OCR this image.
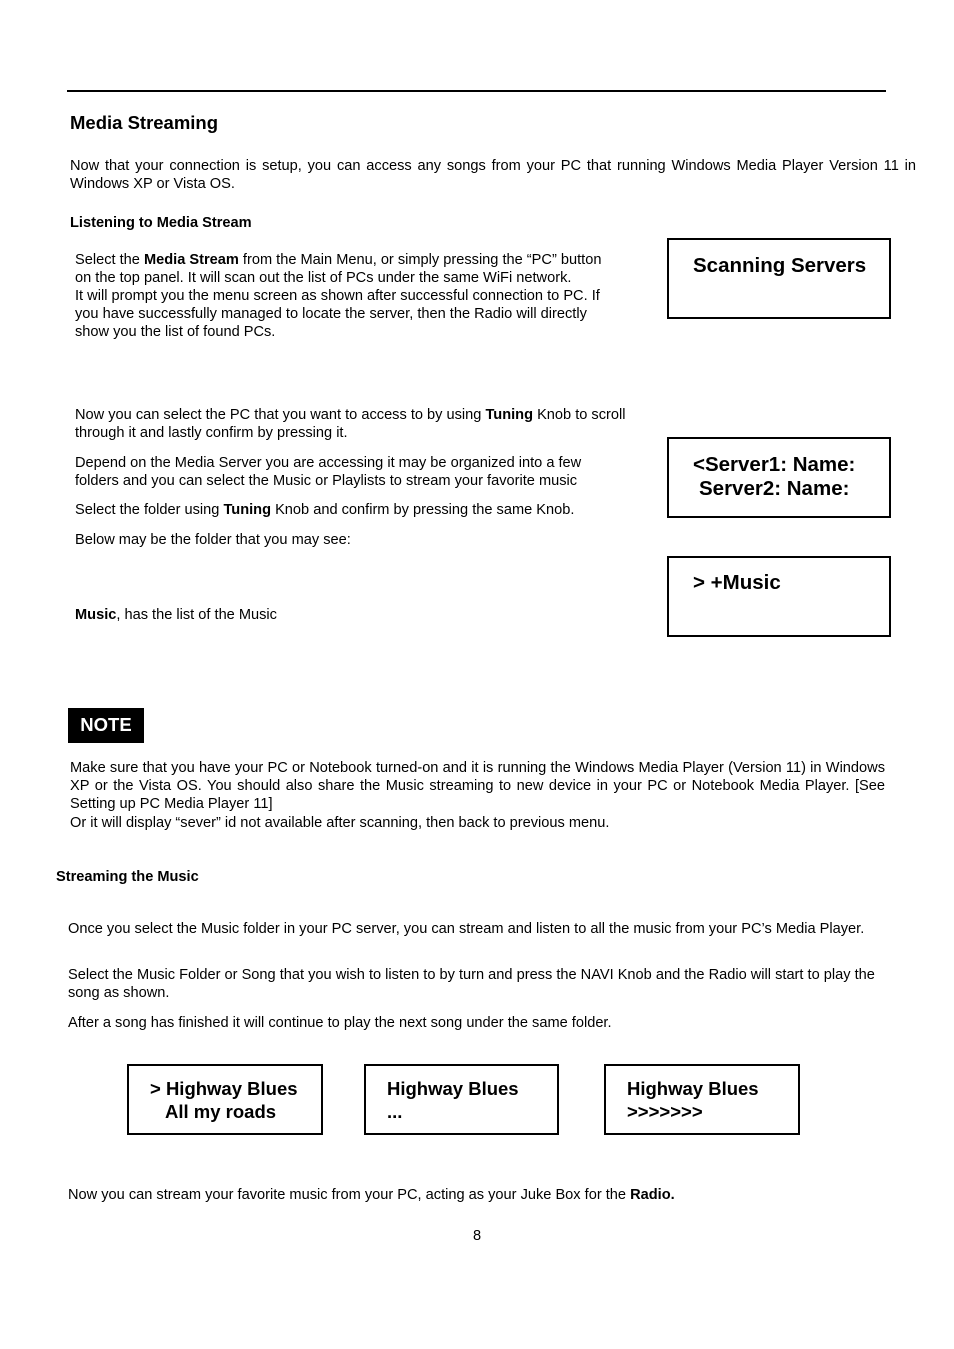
Media Streaming
Now that your connection is setup, you can access any songs from your PC that running Windows Media Player Version 11 in Windows XP or Vista OS.
Listening to Media Stream
Select the Media Stream from the Main Menu, or simply pressing the “PC” button on the top panel. It will scan out the list of PCs under the same WiFi network.
It will prompt you the menu screen as shown after successful connection to PC. If you have successfully managed to locate the server, then the Radio will directly show you the list of found PCs.
Now you can select the PC that you want to access to by using Tuning Knob to scroll through it and lastly confirm by pressing it.
Depend on the Media Server you are accessing it may be organized into a few folders and you can select the Music or Playlists to stream your favorite music
Select the folder using Tuning Knob and confirm by pressing the same Knob.
Below may be the folder that you may see:
Music, has the list of the Music
Scanning Servers
<Server1: Name:
Server2: Name:
> +Music
NOTE
Make sure that you have your PC or Notebook turned-on and it is running the Windows Media Player (Version 11) in Windows XP or the Vista OS. You should also share the Music streaming to new device in your PC or Notebook Media Player. [See Setting up PC Media Player 11]
Or it will display “sever” id not available after scanning, then back to previous menu.
Streaming the Music
Once you select the Music folder in your PC server, you can stream and listen to all the music from your PC’s Media Player.
Select the Music Folder or Song that you wish to listen to by turn and press the NAVI Knob and the Radio will start to play the song as shown.
After a song has finished it will continue to play the next song under the same folder.
> Highway Blues
All my roads
Highway Blues
...
Highway Blues
>>>>>>>
Now you can stream your favorite music from your PC, acting as your Juke Box for the Radio.
8
